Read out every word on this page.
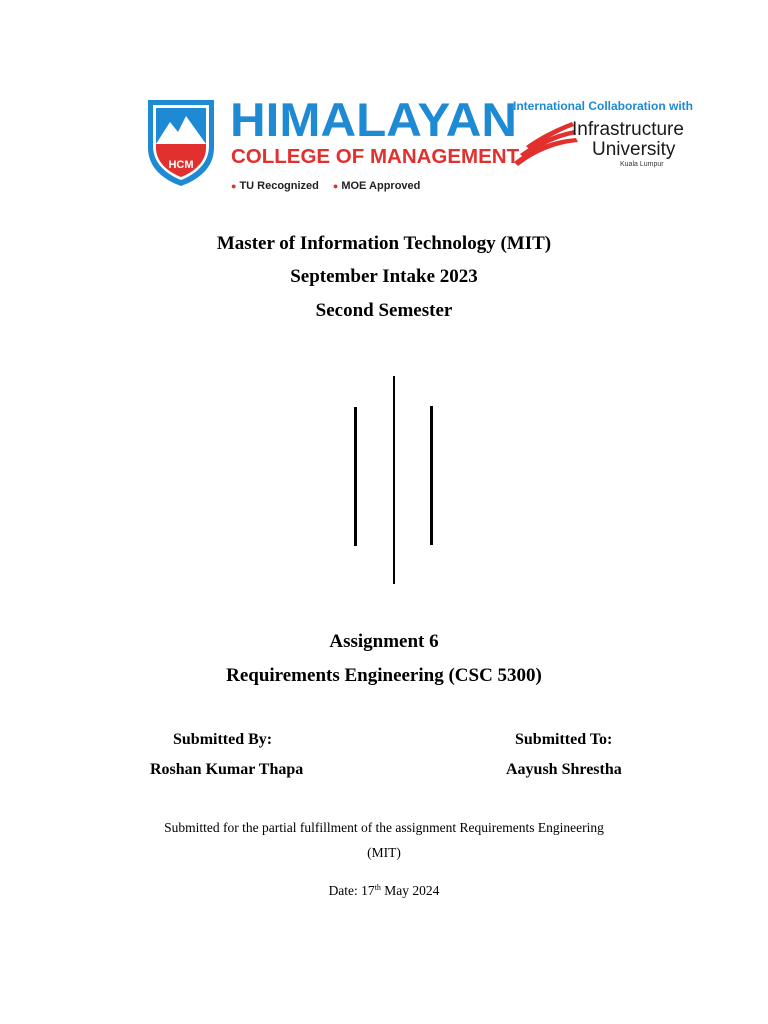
HCM
HIMALAYAN
COLLEGE OF MANAGEMENT
● TU Recognized ● MOE Approved
International Collaboration with
Infrastructure
University
Kuala Lumpur
Master of Information Technology (MIT)
September Intake 2023
Second Semester
Assignment 6
Requirements Engineering (CSC 5300)
Submitted By:
Roshan Kumar Thapa
Submitted To:
Aayush Shrestha
Submitted for the partial fulfillment of the assignment Requirements Engineering
(MIT)
Date: 17th May 2024
